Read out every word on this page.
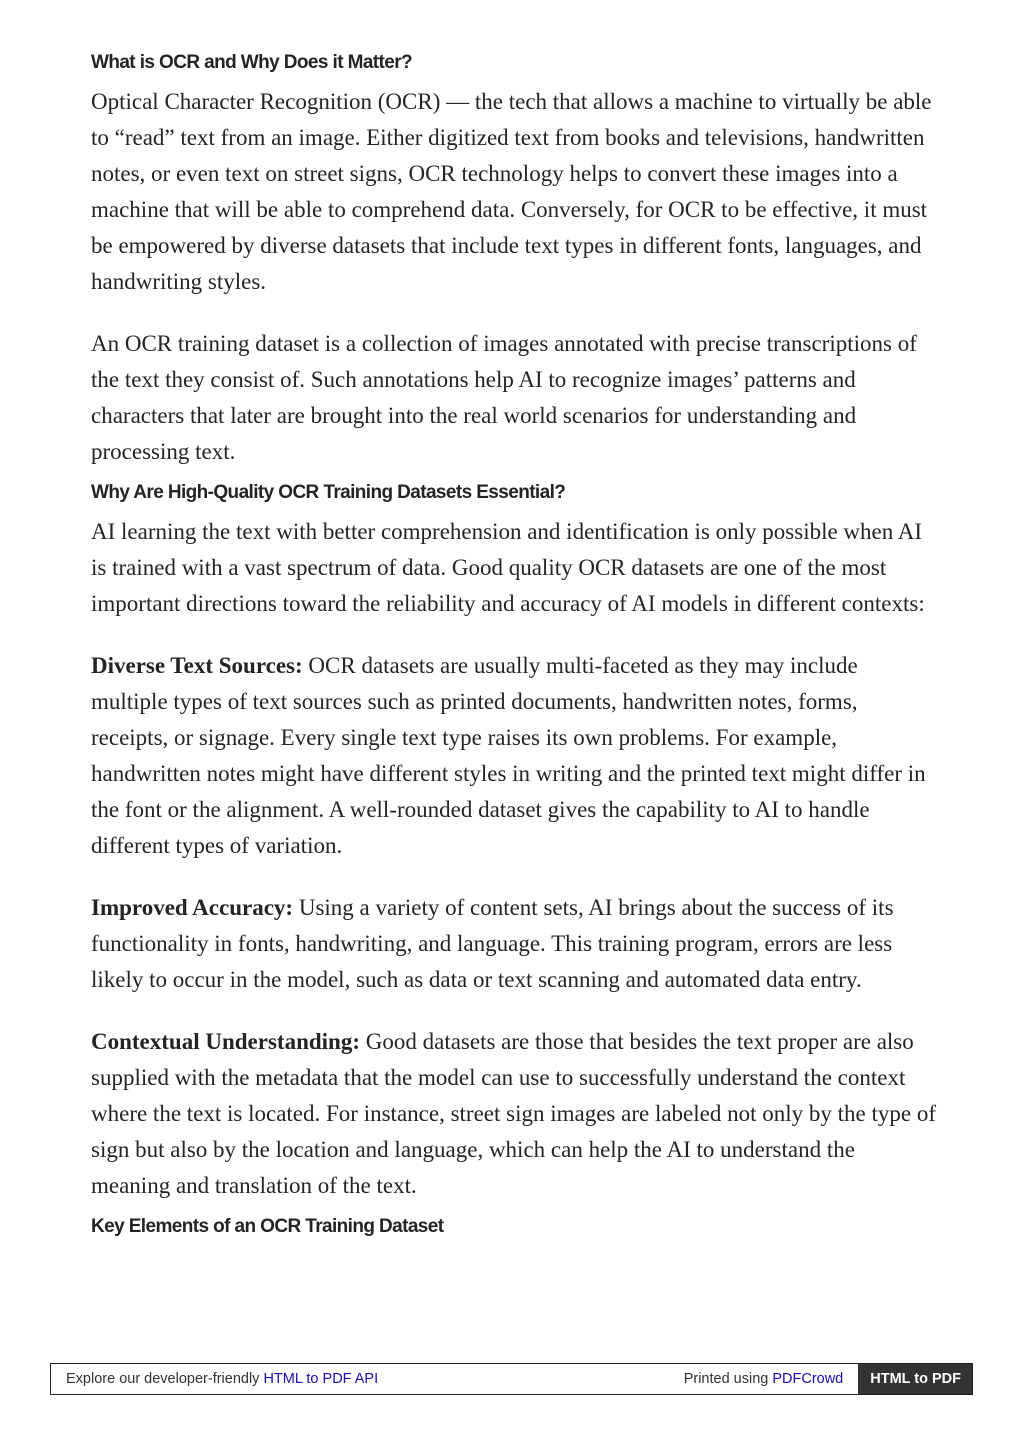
What is OCR and Why Does it Matter?

Optical Character Recognition (OCR) — the tech that allows a machine to virtually be able to “read” text from an image. Either digitized text from books and televisions, handwritten notes, or even text on street signs, OCR technology helps to convert these images into a machine that will be able to comprehend data. Conversely, for OCR to be effective, it must be empowered by diverse datasets that include text types in different fonts, languages, and handwriting styles.

An OCR training dataset is a collection of images annotated with precise transcriptions of the text they consist of. Such annotations help AI to recognize images’ patterns and characters that later are brought into the real world scenarios for understanding and processing text.

Why Are High-Quality OCR Training Datasets Essential?

AI learning the text with better comprehension and identification is only possible when AI is trained with a vast spectrum of data. Good quality OCR datasets are one of the most important directions toward the reliability and accuracy of AI models in different contexts:

Diverse Text Sources: OCR datasets are usually multi-faceted as they may include multiple types of text sources such as printed documents, handwritten notes, forms, receipts, or signage. Every single text type raises its own problems. For example, handwritten notes might have different styles in writing and the printed text might differ in the font or the alignment. A well-rounded dataset gives the capability to AI to handle different types of variation.

Improved Accuracy: Using a variety of content sets, AI brings about the success of its functionality in fonts, handwriting, and language. This training program, errors are less likely to occur in the model, such as data or text scanning and automated data entry.

Contextual Understanding: Good datasets are those that besides the text proper are also supplied with the metadata that the model can use to successfully understand the context where the text is located. For instance, street sign images are labeled not only by the type of sign but also by the location and language, which can help the AI to understand the meaning and translation of the text.

Key Elements of an OCR Training Dataset
Explore our developer-friendly HTML to PDF API	Printed using PDFCrowd	HTML to PDF
